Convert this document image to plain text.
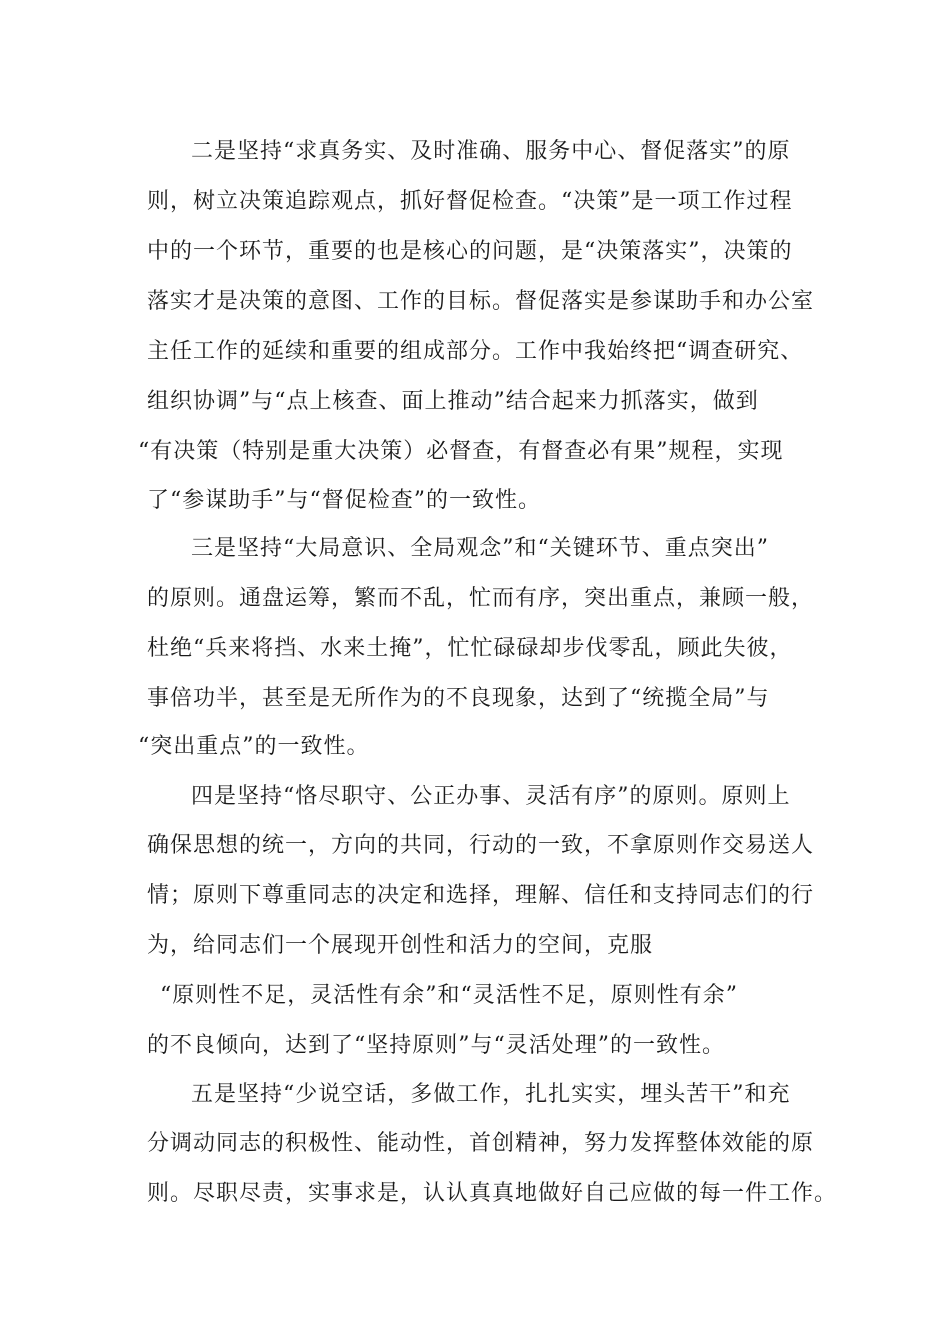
二是坚持“求真务实、及时准确、服务中心、督促落实”的原
则，树立决策追踪观点，抓好督促检查。“决策”是一项工作过程
中的一个环节，重要的也是核心的问题，是“决策落实”，决策的
落实才是决策的意图、工作的目标。督促落实是参谋助手和办公室
主任工作的延续和重要的组成部分。工作中我始终把“调查研究、
组织协调”与“点上核查、面上推动”结合起来力抓落实，做到
“有决策（特别是重大决策）必督查，有督查必有果”规程，实现
了“参谋助手”与“督促检查”的一致性。
三是坚持“大局意识、全局观念”和“关键环节、重点突出”
的原则。通盘运筹，繁而不乱，忙而有序，突出重点，兼顾一般，
杜绝“兵来将挡、水来土掩”，忙忙碌碌却步伐零乱，顾此失彼，
事倍功半，甚至是无所作为的不良现象，达到了“统揽全局”与
“突出重点”的一致性。
四是坚持“恪尽职守、公正办事、灵活有序”的原则。原则上
确保思想的统一，方向的共同，行动的一致，不拿原则作交易送人
情；原则下尊重同志的决定和选择，理解、信任和支持同志们的行
为，给同志们一个展现开创性和活力的空间，克服
“原则性不足，灵活性有余”和“灵活性不足，原则性有余”
的不良倾向，达到了“坚持原则”与“灵活处理”的一致性。
五是坚持“少说空话，多做工作，扎扎实实，埋头苦干”和充
分调动同志的积极性、能动性，首创精神，努力发挥整体效能的原
则。尽职尽责，实事求是，认认真真地做好自己应做的每一件工作。
